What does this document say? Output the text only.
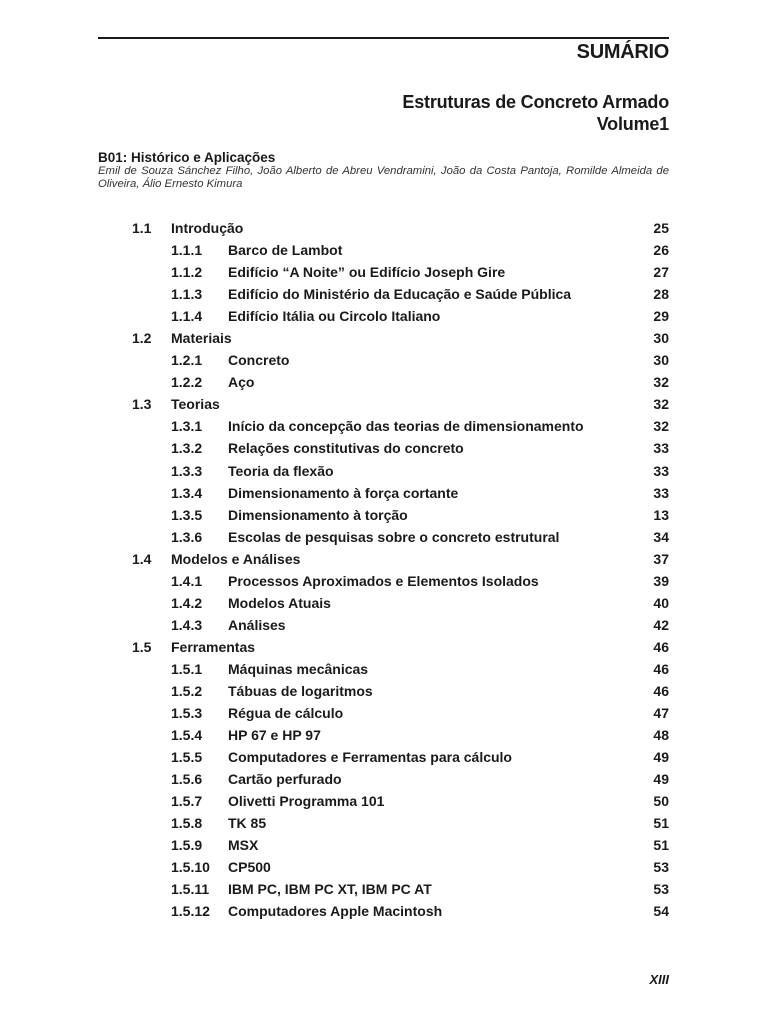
SUMÁRIO
Estruturas de Concreto Armado
Volume1
B01: Histórico e Aplicações
Emil de Souza Sánchez Filho, João Alberto de Abreu Vendramini, João da Costa Pantoja, Romilde Almeida de Oliveira, Álio Ernesto Kimura
1.1 Introdução	25
1.1.1 Barco de Lambot	26
1.1.2 Edifício “A Noite” ou Edifício Joseph Gire	27
1.1.3 Edifício do Ministério da Educação e Saúde Pública	28
1.1.4 Edifício Itália ou Circolo Italiano	29
1.2 Materiais	30
1.2.1 Concreto	30
1.2.2 Aço	32
1.3 Teorias	32
1.3.1 Início da concepção das teorias de dimensionamento	32
1.3.2 Relações constitutivas do concreto	33
1.3.3 Teoria da flexão	33
1.3.4 Dimensionamento à força cortante	33
1.3.5 Dimensionamento à torção	13
1.3.6 Escolas de pesquisas sobre o concreto estrutural	34
1.4 Modelos e Análises	37
1.4.1 Processos Aproximados e Elementos Isolados	39
1.4.2 Modelos Atuais	40
1.4.3 Análises	42
1.5 Ferramentas	46
1.5.1 Máquinas mecânicas	46
1.5.2 Tábuas de logaritmos	46
1.5.3 Régua de cálculo	47
1.5.4 HP 67 e HP 97	48
1.5.5 Computadores e Ferramentas para cálculo	49
1.5.6 Cartão perfurado	49
1.5.7 Olivetti Programma 101	50
1.5.8 TK 85	51
1.5.9 MSX	51
1.5.10 CP500	53
1.5.11 IBM PC, IBM PC XT, IBM PC AT	53
1.5.12 Computadores Apple Macintosh	54
XIII
